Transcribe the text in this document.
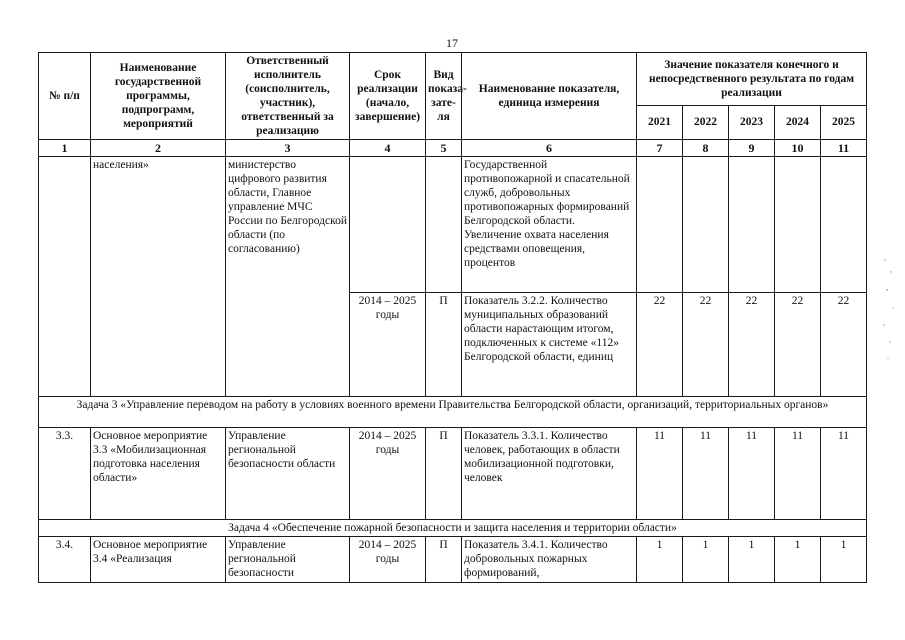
17
№ п/п	Наименование государственной программы, подпрограмм, мероприятий	Ответственный исполнитель (соисполнитель, участник), ответственный за реализацию	Срок реализации (начало, завершение)	Вид показа-зате-ля	Наименование показателя, единица измерения	Значение показателя конечного и непосредственного результата по годам реализации				
						2021	2022	2023	2024	2025
1	2	3	4	5	6	7	8	9	10	11
	населения»	министерство цифрового развития области, Главное управление МЧС России по Белгородской области (по согласованию)			Государственной противопожарной и спасательной служб, добровольных противопожарных формирований Белгородской области. Увеличение охвата населения средствами оповещения, процентов					
			2014 – 2025 годы	П	Показатель 3.2.2. Количество муниципальных образований области нарастающим итогом, подключенных к системе «112» Белгородской области, единиц	22	22	22	22	22
Задача 3 «Управление переводом на работу в условиях военного времени Правительства Белгородской области, организаций, территориальных органов»										
3.3.	Основное мероприятие 3.3 «Мобилизационная подготовка населения области»	Управление региональной безопасности области	2014 – 2025 годы	П	Показатель 3.3.1. Количество человек, работающих в области мобилизационной подготовки, человек	11	11	11	11	11
Задача 4 «Обеспечение пожарной безопасности и защита населения и территории области»										
3.4.	Основное мероприятие 3.4 «Реализация	Управление региональной безопасности	2014 – 2025 годы	П	Показатель 3.4.1. Количество добровольных пожарных формирований,	1	1	1	1	1
